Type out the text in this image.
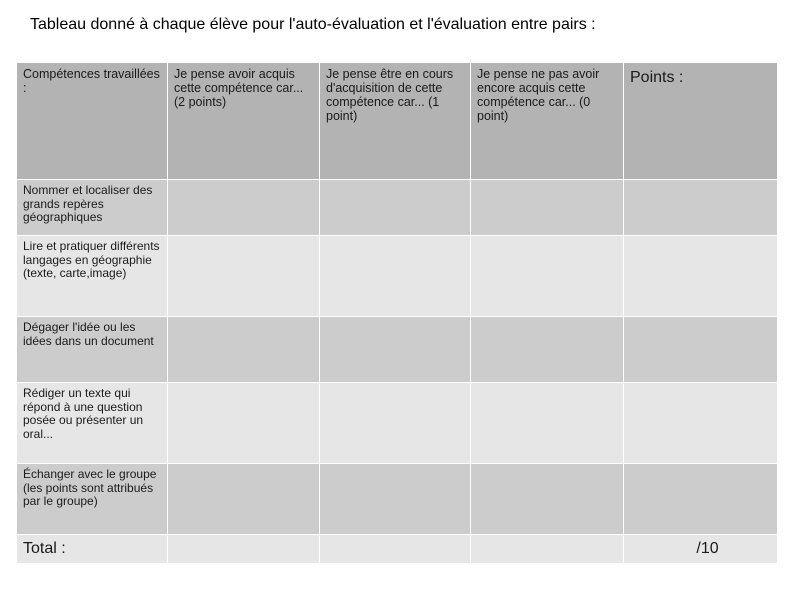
Tableau donné à chaque élève pour l'auto-évaluation et l'évaluation entre pairs :
Compétences travaillées :	Je pense avoir acquis cette compétence car... (2 points)	Je pense être en cours d'acquisition de cette compétence car... (1 point)	Je pense ne pas avoir encore acquis cette compétence car... (0 point)	Points :
Nommer et localiser des grands repères géographiques				
Lire et pratiquer différents langages en géographie (texte, carte,image)				
Dégager l'idée ou les idées dans un document				
Rédiger un texte qui répond à une question posée ou présenter un oral...				
Échanger avec le groupe (les points sont attribués par le groupe)				
Total :				/10
